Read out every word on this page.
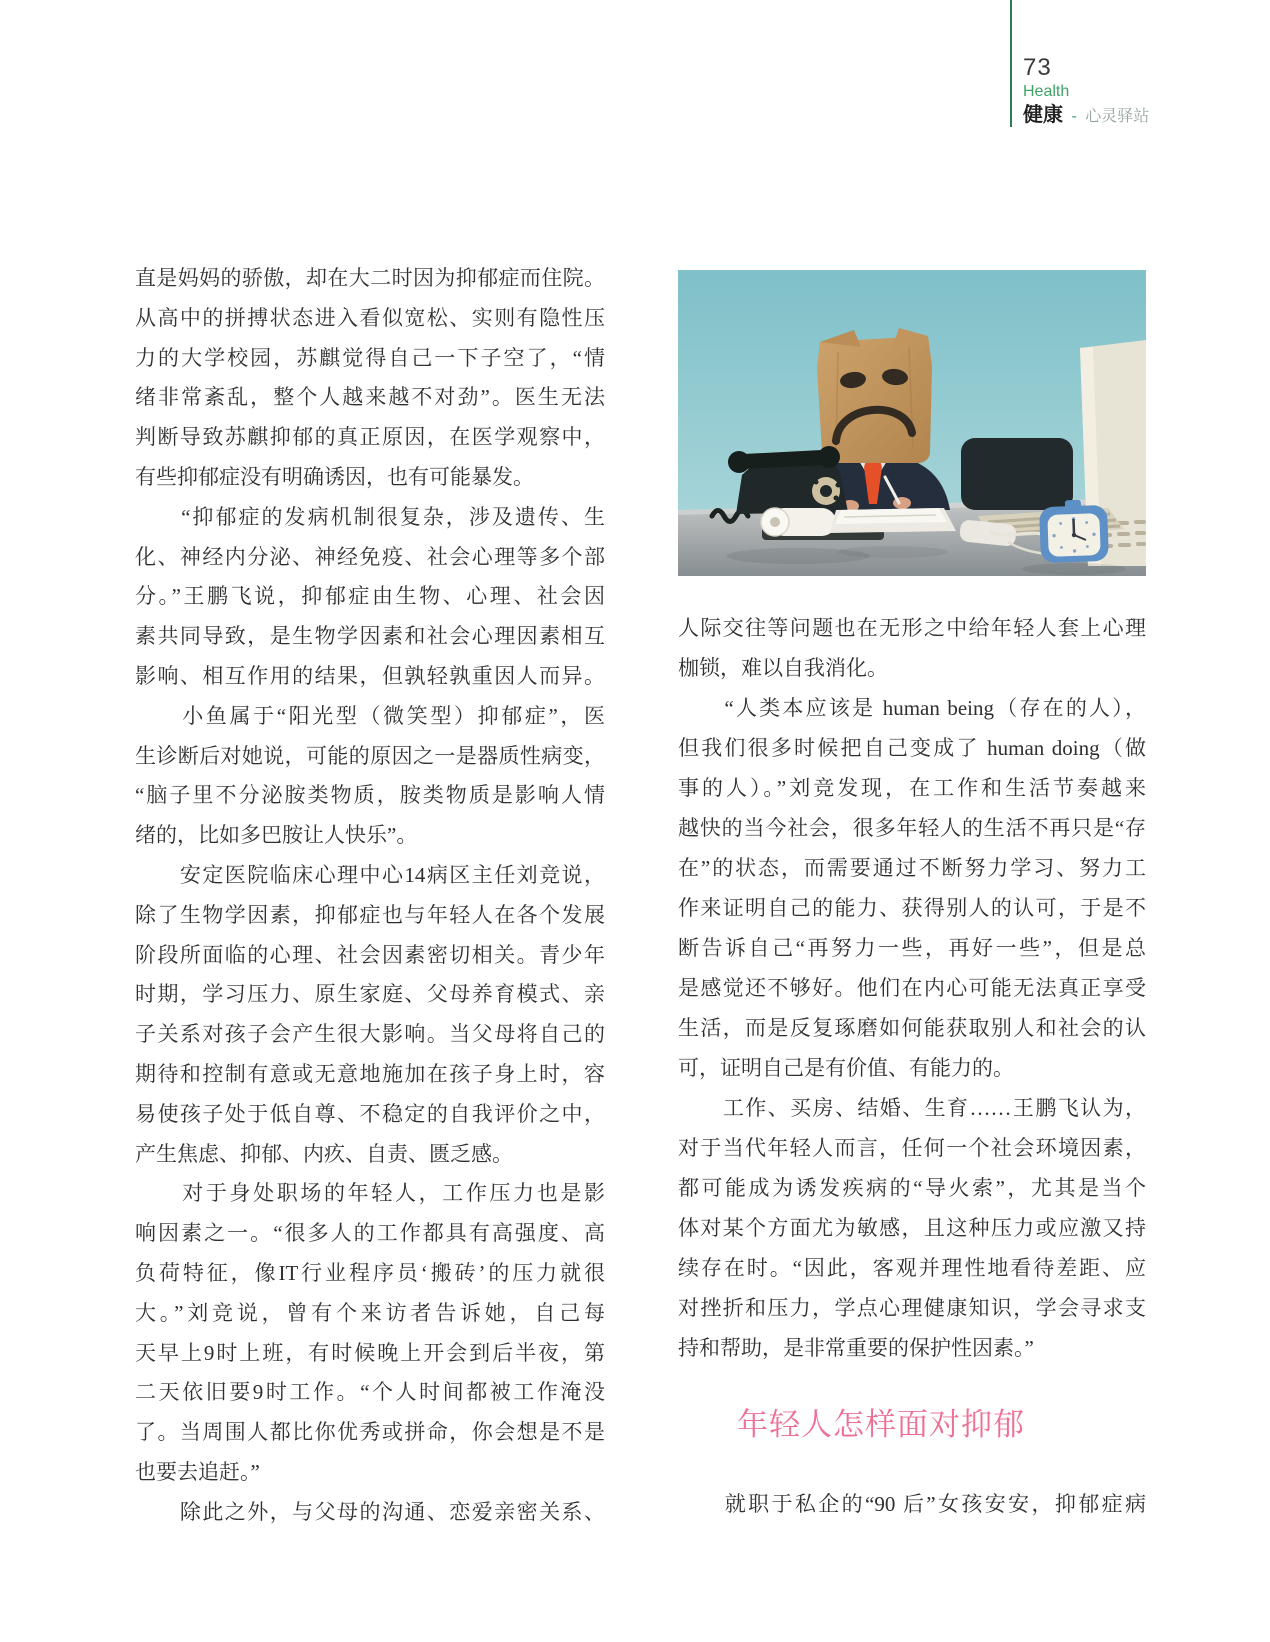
73
Health
健康 - 心灵驿站
直是妈妈的骄傲，却在大二时因为抑郁症而住院。
从高中的拼搏状态进入看似宽松、实则有隐性压
力的大学校园，苏麒觉得自己一下子空了，“情
绪非常紊乱，整个人越来越不对劲”。医生无法
判断导致苏麒抑郁的真正原因，在医学观察中，
有些抑郁症没有明确诱因，也有可能暴发。
　　“抑郁症的发病机制很复杂，涉及遗传、生
化、神经内分泌、神经免疫、社会心理等多个部
分。”王鹏飞说，抑郁症由生物、心理、社会因
素共同导致，是生物学因素和社会心理因素相互
影响、相互作用的结果，但孰轻孰重因人而异。
　　小鱼属于“阳光型（微笑型）抑郁症”，医
生诊断后对她说，可能的原因之一是器质性病变，
“脑子里不分泌胺类物质，胺类物质是影响人情
绪的，比如多巴胺让人快乐”。
　　安定医院临床心理中心14病区主任刘竞说，
除了生物学因素，抑郁症也与年轻人在各个发展
阶段所面临的心理、社会因素密切相关。青少年
时期，学习压力、原生家庭、父母养育模式、亲
子关系对孩子会产生很大影响。当父母将自己的
期待和控制有意或无意地施加在孩子身上时，容
易使孩子处于低自尊、不稳定的自我评价之中，
产生焦虑、抑郁、内疚、自责、匮乏感。
　　对于身处职场的年轻人，工作压力也是影
响因素之一。“很多人的工作都具有高强度、高
负荷特征，像IT行业程序员‘搬砖’的压力就很
大。”刘竞说，曾有个来访者告诉她，自己每
天早上9时上班，有时候晚上开会到后半夜，第
二天依旧要9时工作。“个人时间都被工作淹没
了。当周围人都比你优秀或拼命，你会想是不是
也要去追赶。”
　　除此之外，与父母的沟通、恋爱亲密关系、
人际交往等问题也在无形之中给年轻人套上心理
枷锁，难以自我消化。
　　“人类本应该是 human being（存在的人），
但我们很多时候把自己变成了 human doing（做
事的人）。”刘竞发现，在工作和生活节奏越来
越快的当今社会，很多年轻人的生活不再只是“存
在”的状态，而需要通过不断努力学习、努力工
作来证明自己的能力、获得别人的认可，于是不
断告诉自己“再努力一些，再好一些”，但是总
是感觉还不够好。他们在内心可能无法真正享受
生活，而是反复琢磨如何能获取别人和社会的认
可，证明自己是有价值、有能力的。
　　工作、买房、结婚、生育……王鹏飞认为，
对于当代年轻人而言，任何一个社会环境因素，
都可能成为诱发疾病的“导火索”，尤其是当个
体对某个方面尤为敏感，且这种压力或应激又持
续存在时。“因此，客观并理性地看待差距、应
对挫折和压力，学点心理健康知识，学会寻求支
持和帮助，是非常重要的保护性因素。”
年轻人怎样面对抑郁
　　就职于私企的“90 后”女孩安安，抑郁症病
